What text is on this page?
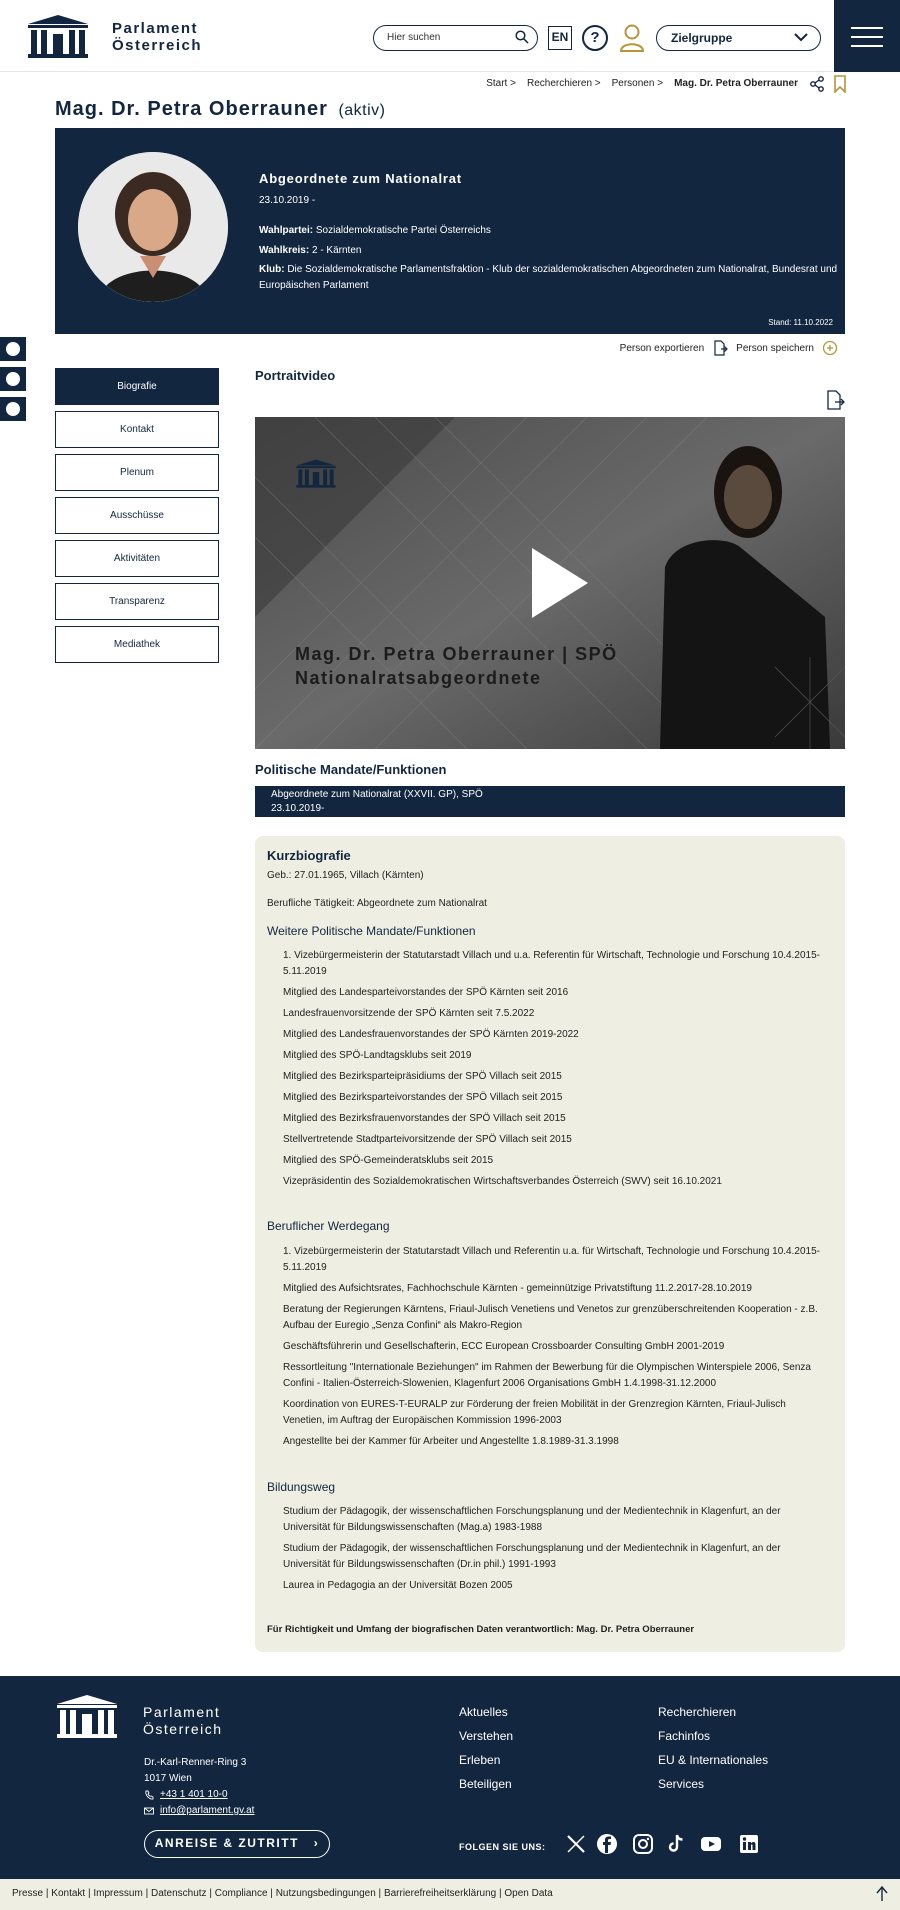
Parlament
Österreich	Hier suchen	EN	?	Zielgruppe
Start > Recherchieren > Personen > Mag. Dr. Petra Oberrauner
Mag. Dr. Petra Oberrauner (aktiv)
Abgeordnete zum Nationalrat
23.10.2019 -
Wahlpartei: Sozialdemokratische Partei Österreichs
Wahlkreis: 2 - Kärnten
Klub: Die Sozialdemokratische Parlamentsfraktion - Klub der sozialdemokratischen Abgeordneten zum Nationalrat, Bundesrat und Europäischen Parlament
Stand: 11.10.2022
Person exportieren	Person speichern
Biografie
Kontakt
Plenum
Ausschüsse
Aktivitäten
Transparenz
Mediathek
Portraitvideo
Mag. Dr. Petra Oberrauner | SPÖ
Nationalratsabgeordnete
Politische Mandate/Funktionen
Abgeordnete zum Nationalrat (XXVII. GP), SPÖ
23.10.2019-
Kurzbiografie
Geb.: 27.01.1965, Villach (Kärnten)
Berufliche Tätigkeit: Abgeordnete zum Nationalrat
Weitere Politische Mandate/Funktionen
1. Vizebürgermeisterin der Statutarstadt Villach und u.a. Referentin für Wirtschaft, Technologie und Forschung 10.4.2015-5.11.2019
Mitglied des Landesparteivorstandes der SPÖ Kärnten seit 2016
Landesfrauenvorsitzende der SPÖ Kärnten seit 7.5.2022
Mitglied des Landesfrauenvorstandes der SPÖ Kärnten 2019-2022
Mitglied des SPÖ-Landtagsklubs seit 2019
Mitglied des Bezirksparteipräsidiums der SPÖ Villach seit 2015
Mitglied des Bezirksparteivorstandes der SPÖ Villach seit 2015
Mitglied des Bezirksfrauenvorstandes der SPÖ Villach seit 2015
Stellvertretende Stadtparteivorsitzende der SPÖ Villach seit 2015
Mitglied des SPÖ-Gemeinderatsklubs seit 2015
Vizepräsidentin des Sozialdemokratischen Wirtschaftsverbandes Österreich (SWV) seit 16.10.2021
Beruflicher Werdegang
1. Vizebürgermeisterin der Statutarstadt Villach und Referentin u.a. für Wirtschaft, Technologie und Forschung 10.4.2015-5.11.2019
Mitglied des Aufsichtsrates, Fachhochschule Kärnten - gemeinnützige Privatstiftung 11.2.2017-28.10.2019
Beratung der Regierungen Kärntens, Friaul-Julisch Venetiens und Venetos zur grenzüberschreitenden Kooperation - z.B. Aufbau der Euregio „Senza Confini“ als Makro-Region
Geschäftsführerin und Gesellschafterin, ECC European Crossboarder Consulting GmbH 2001-2019
Ressortleitung "Internationale Beziehungen" im Rahmen der Bewerbung für die Olympischen Winterspiele 2006, Senza Confini - Italien-Österreich-Slowenien, Klagenfurt 2006 Organisations GmbH 1.4.1998-31.12.2000
Koordination von EURES-T-EURALP zur Förderung der freien Mobilität in der Grenzregion Kärnten, Friaul-Julisch Venetien, im Auftrag der Europäischen Kommission 1996-2003
Angestellte bei der Kammer für Arbeiter und Angestellte 1.8.1989-31.3.1998
Bildungsweg
Studium der Pädagogik, der wissenschaftlichen Forschungsplanung und der Medientechnik in Klagenfurt, an der Universität für Bildungswissenschaften (Mag.a) 1983-1988
Studium der Pädagogik, der wissenschaftlichen Forschungsplanung und der Medientechnik in Klagenfurt, an der Universität für Bildungswissenschaften (Dr.in phil.) 1991-1993
Laurea in Pedagogia an der Universität Bozen 2005
Für Richtigkeit und Umfang der biografischen Daten verantwortlich: Mag. Dr. Petra Oberrauner
Parlament
Österreich
Dr.-Karl-Renner-Ring 3
1017 Wien
+43 1 401 10-0
info@parlament.gv.at
ANREISE & ZUTRITT ›
Aktuelles
Verstehen
Erleben
Beteiligen
Recherchieren
Fachinfos
EU & Internationales
Services
FOLGEN SIE UNS:
Presse | Kontakt | Impressum | Datenschutz | Compliance | Nutzungsbedingungen | Barrierefreiheitserklärung | Open Data
